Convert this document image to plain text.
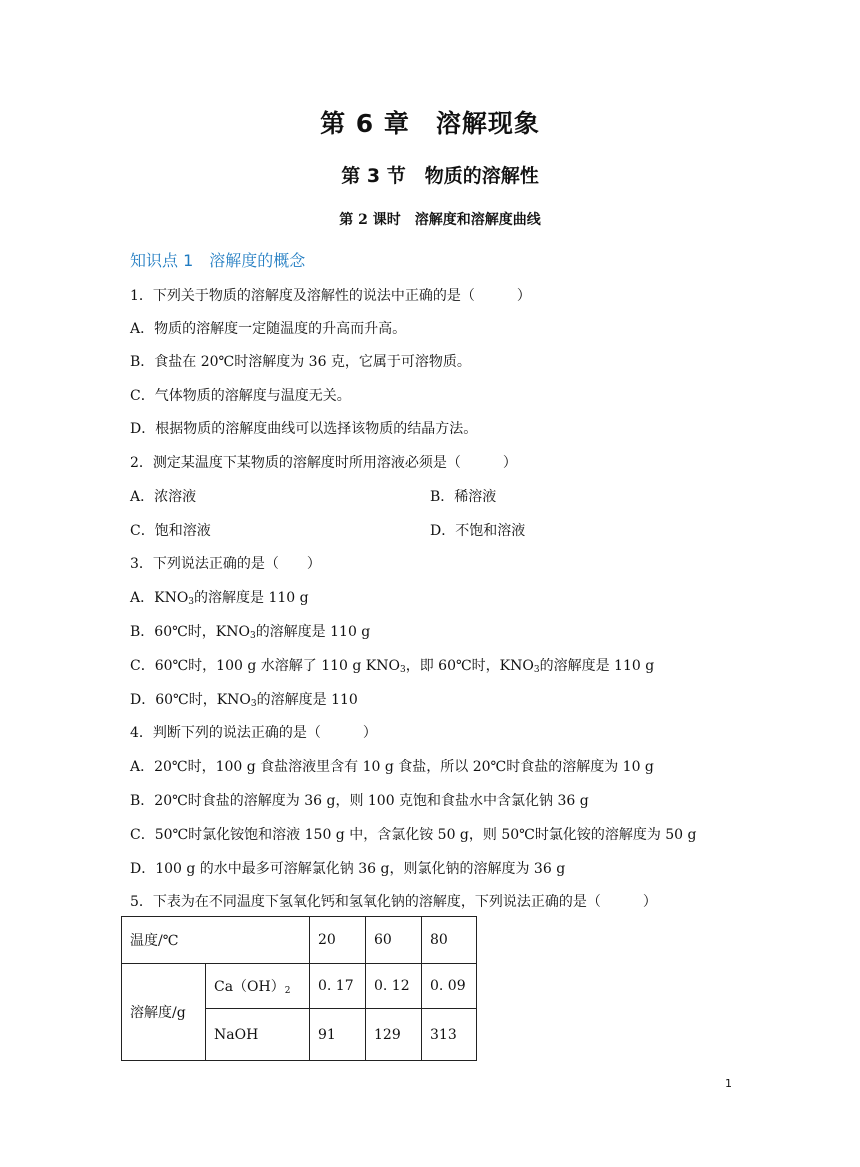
第 6 章　溶解现象
第 3 节　物质的溶解性
第 2 课时　溶解度和溶解度曲线
知识点 1　溶解度的概念
1．下列关于物质的溶解度及溶解性的说法中正确的是（　　　）
A．物质的溶解度一定随温度的升高而升高。
B．食盐在 20℃时溶解度为 36 克，它属于可溶物质。
C．气体物质的溶解度与温度无关。
D．根据物质的溶解度曲线可以选择该物质的结晶方法。
2．测定某温度下某物质的溶解度时所用溶液必须是（　　　）
A．浓溶液	B．稀溶液
C．饱和溶液	D．不饱和溶液
3．下列说法正确的是（　　）
A．$KNO_3$的溶解度是 110 g
B．60℃时，$KNO_3$的溶解度是 110 g
C．60℃时，100 g 水溶解了 110 g $KNO_3$，即 60℃时，$KNO_3$的溶解度是 110 g
D．60℃时，$KNO_3$的溶解度是 110
4．判断下列的说法正确的是（　　　）
A．20℃时，100 g 食盐溶液里含有 10 g 食盐，所以 20℃时食盐的溶解度为 10 g
B．20℃时食盐的溶解度为 36 g，则 100 克饱和食盐水中含氯化钠 36 g
C．50℃时氯化铵饱和溶液 150 g 中，含氯化铵 50 g，则 50℃时氯化铵的溶解度为 50 g
D．100 g 的水中最多可溶解氯化钠 36 g，则氯化钠的溶解度为 36 g
5．下表为在不同温度下氢氧化钙和氢氧化钠的溶解度，下列说法正确的是（　　　）
温度/℃		20	60	80
溶解度/g	$Ca(OH)_2$	0. 17	0. 12	0. 09
	NaOH	91	129	313
1
